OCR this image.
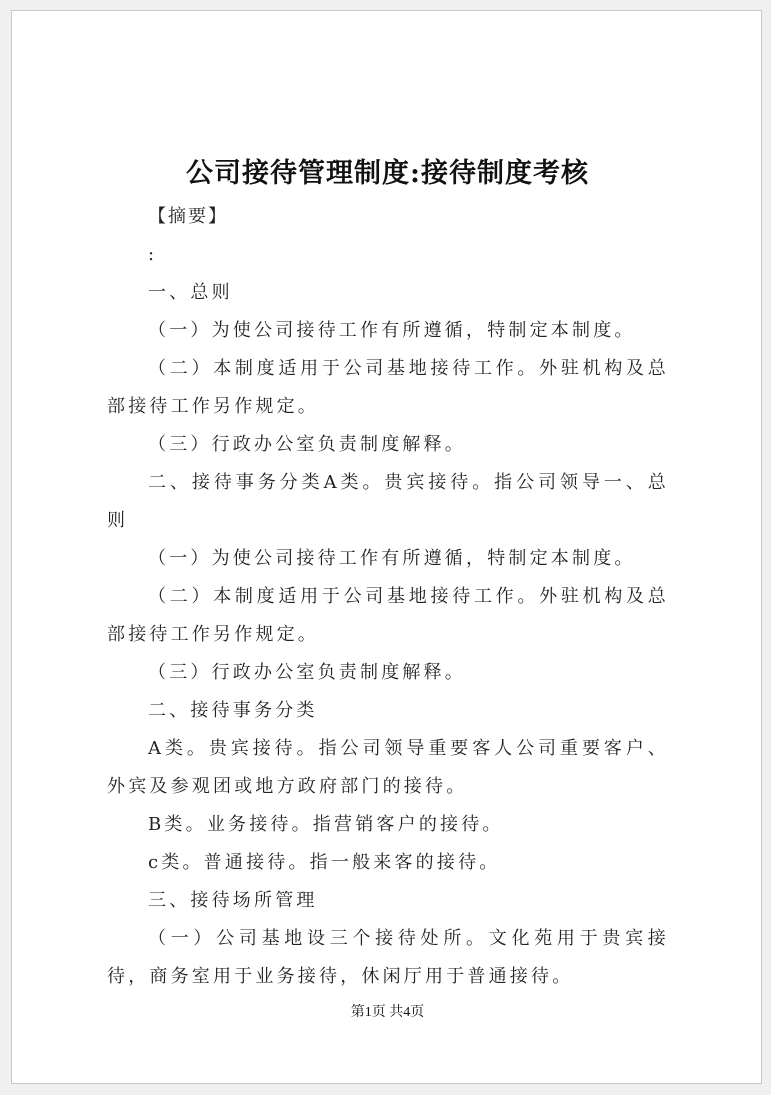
公司接待管理制度:接待制度考核

【摘要】

:

一、总则

（一）为使公司接待工作有所遵循，特制定本制度。

（二）本制度适用于公司基地接待工作。外驻机构及总部接待工作另作规定。

（三）行政办公室负责制度解释。

二、接待事务分类A类。贵宾接待。指公司领导一、总则

（一）为使公司接待工作有所遵循，特制定本制度。

（二）本制度适用于公司基地接待工作。外驻机构及总部接待工作另作规定。

（三）行政办公室负责制度解释。

二、接待事务分类

A类。贵宾接待。指公司领导重要客人公司重要客户、外宾及参观团或地方政府部门的接待。

B类。业务接待。指营销客户的接待。

c类。普通接待。指一般来客的接待。

三、接待场所管理

（一）公司基地设三个接待处所。文化苑用于贵宾接待，商务室用于业务接待，休闲厅用于普通接待。

第1页 共4页
